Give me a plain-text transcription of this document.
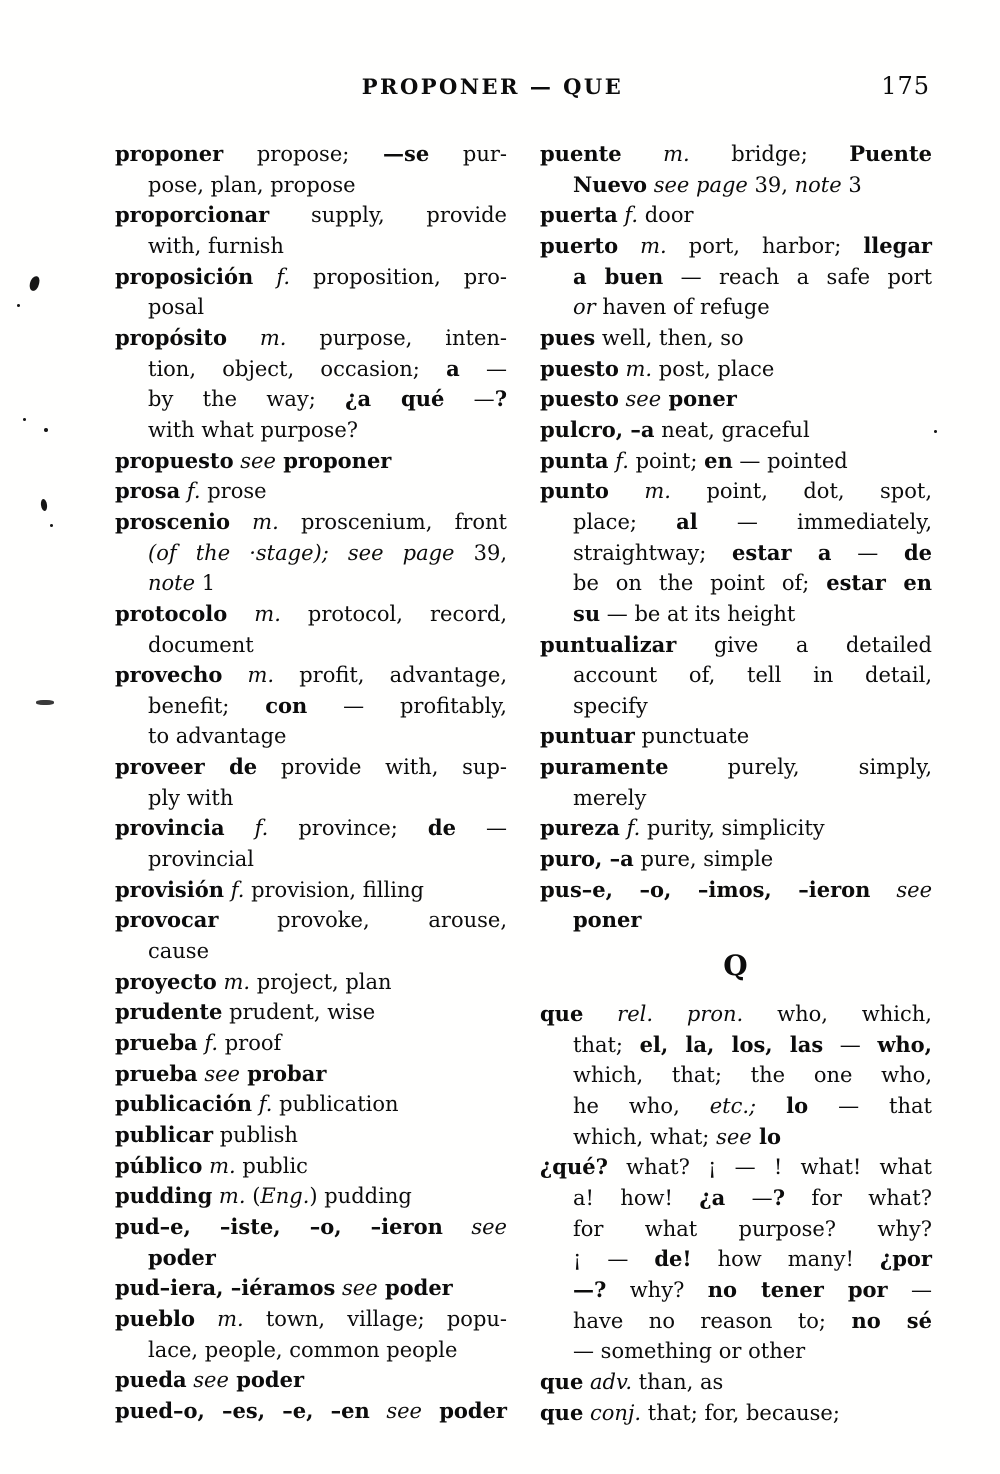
PROPONER — QUE	175
proponer propose; —se pur-
pose, plan, propose
proporcionar supply, provide
with, furnish
proposición f. proposition, pro-
posal
propósito m. purpose, inten-
tion, object, occasion; a —
by the way; ¿a qué —?
with what purpose?
propuesto see proponer
prosa f. prose
proscenio m. proscenium, front
(of the ·stage); see page 39,
note 1
protocolo m. protocol, record,
document
provecho m. profit, advantage,
benefit; con — profitably,
to advantage
proveer de provide with, sup-
ply with
provincia f. province; de —
provincial
provisión f. provision, filling
provocar provoke, arouse,
cause
proyecto m. project, plan
prudente prudent, wise
prueba f. proof
prueba see probar
publicación f. publication
publicar publish
público m. public
pudding m. (Eng.) pudding
pud–e, –iste, –o, –ieron see
poder
pud–iera, –iéramos see poder
pueblo m. town, village; popu-
lace, people, common people
pueda see poder
pued–o, –es, –e, –en see poder
puente m. bridge; Puente
Nuevo see page 39, note 3
puerta f. door
puerto m. port, harbor; llegar
a buen — reach a safe port
or haven of refuge
pues well, then, so
puesto m. post, place
puesto see poner
pulcro, –a neat, graceful
punta f. point; en — pointed
punto m. point, dot, spot,
place; al — immediately,
straightway; estar a — de
be on the point of; estar en
su — be at its height
puntualizar give a detailed
account of, tell in detail,
specify
puntuar punctuate
puramente purely, simply,
merely
pureza f. purity, simplicity
puro, –a pure, simple
pus–e, –o, –imos, –ieron see
poner
Q
que rel. pron. who, which,
that; el, la, los, las — who,
which, that; the one who,
he who, etc.; lo — that
which, what; see lo
¿qué? what? ¡ — ! what! what
a! how! ¿a —? for what?
for what purpose? why?
¡ — de! how many! ¿por
—? why? no tener por —
have no reason to; no sé
— something or other
que adv. than, as
que conj. that; for, because;
